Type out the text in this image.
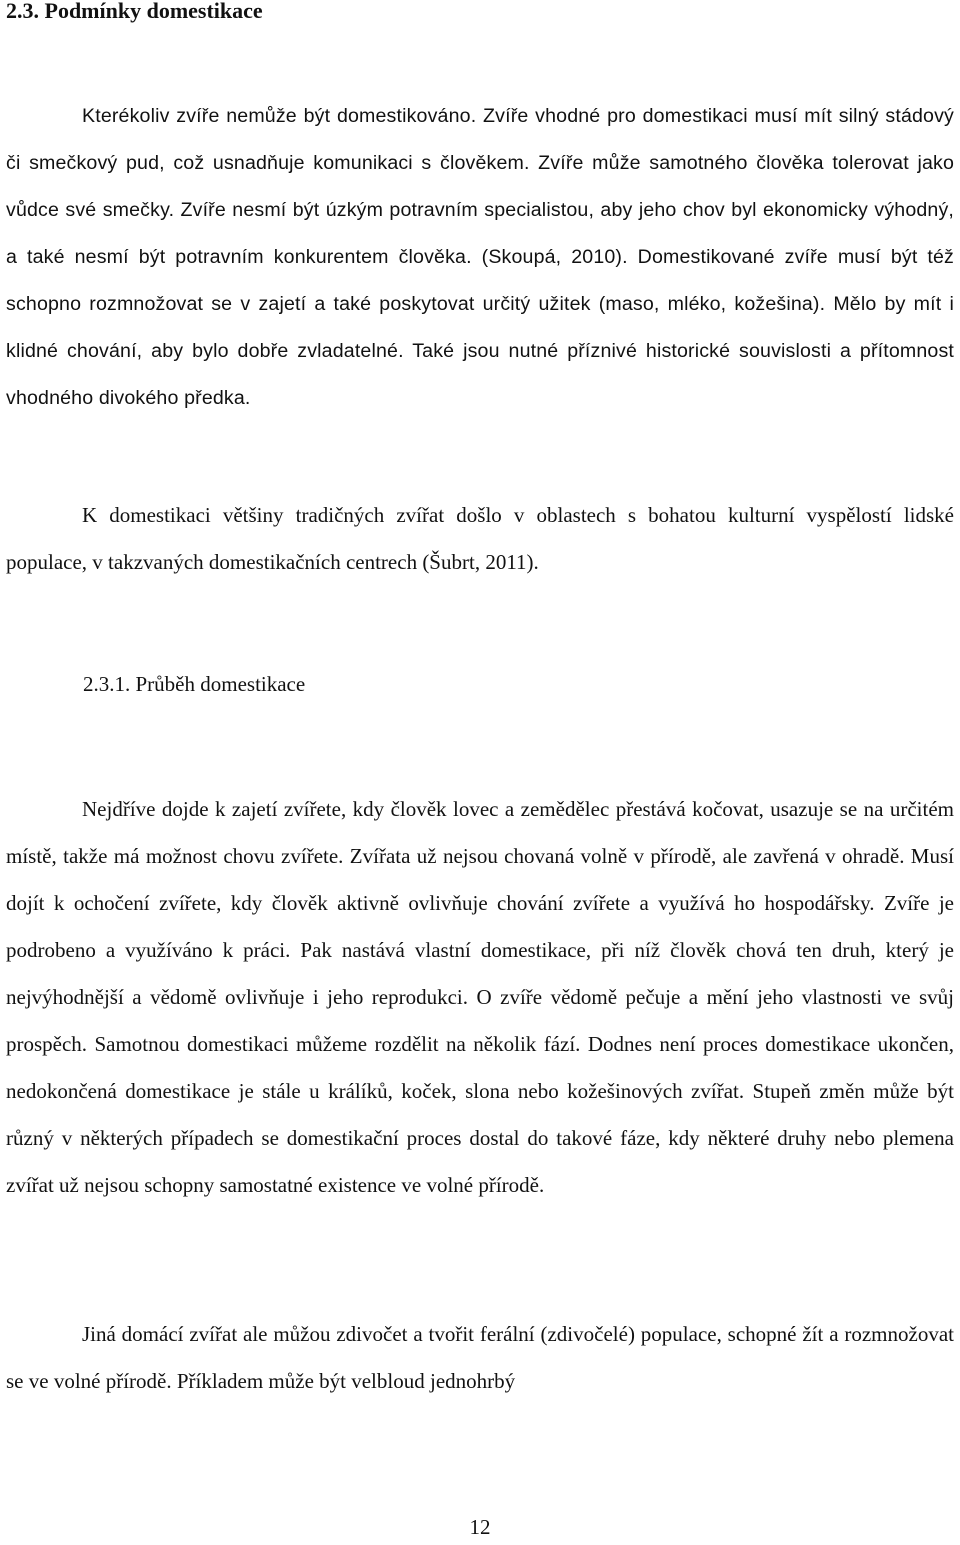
2.3. Podmínky domestikace

Kterékoliv zvíře nemůže být domestikováno. Zvíře vhodné pro domestikaci musí mít silný stádový či smečkový pud, což usnadňuje komunikaci s člověkem. Zvíře může samotného člověka tolerovat jako vůdce své smečky. Zvíře nesmí být úzkým potravním specialistou, aby jeho chov byl ekonomicky výhodný, a také nesmí být potravním konkurentem člověka. (Skoupá, 2010). Domestikované zvíře musí být též schopno rozmnožovat se v zajetí a také poskytovat určitý užitek (maso, mléko, kožešina). Mělo by mít i klidné chování, aby bylo dobře zvladatelné. Také jsou nutné příznivé historické souvislosti a přítomnost vhodného divokého předka.

K domestikaci většiny tradičných zvířat došlo v oblastech s bohatou kulturní vyspělostí lidské populace, v takzvaných domestikačních centrech (Šubrt, 2011).

2.3.1. Průběh domestikace

Nejdříve dojde k zajetí zvířete, kdy člověk lovec a zemědělec přestává kočovat, usazuje se na určitém místě, takže má možnost chovu zvířete. Zvířata už nejsou chovaná volně v přírodě, ale zavřená v ohradě. Musí dojít k ochočení zvířete, kdy člověk aktivně ovlivňuje chování zvířete a využívá ho hospodářsky. Zvíře je podrobeno a využíváno k práci. Pak nastává vlastní domestikace, při níž člověk chová ten druh, který je nejvýhodnější a vědomě ovlivňuje i jeho reprodukci. O zvíře vědomě pečuje a mění jeho vlastnosti ve svůj prospěch. Samotnou domestikaci můžeme rozdělit na několik fází. Dodnes není proces domestikace ukončen, nedokončená domestikace je stále u králíků, koček, slona nebo kožešinových zvířat. Stupeň změn může být různý v některých případech se domestikační proces dostal do takové fáze, kdy některé druhy nebo plemena zvířat už nejsou schopny samostatné existence ve volné přírodě.

Jiná domácí zvířat ale můžou zdivočet a tvořit ferální (zdivočelé) populace, schopné žít a rozmnožovat se ve volné přírodě. Příkladem může být velbloud jednohrbý

12
